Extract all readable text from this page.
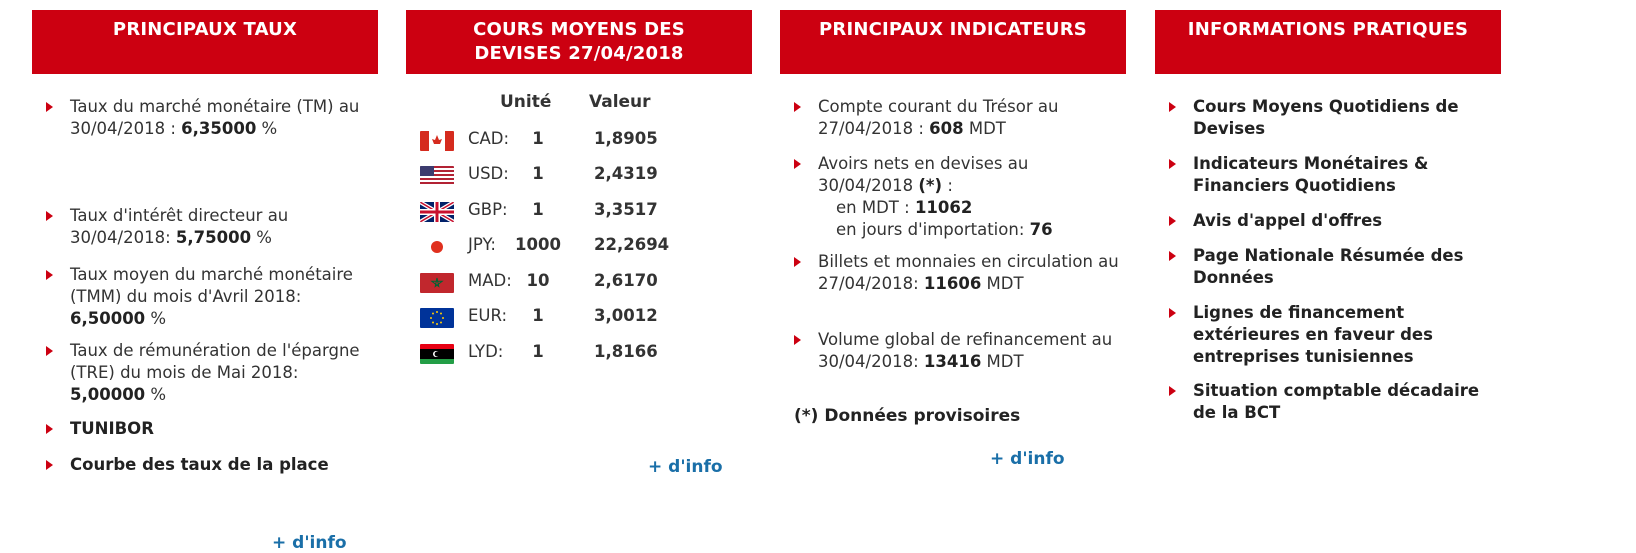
PRINCIPAUX TAUX
Taux du marché monétaire (TM) au 30/04/2018 : 6,35000 %
Taux d'intérêt directeur au 30/04/2018: 5,75000 %
Taux moyen du marché monétaire (TMM) du mois d'Avril 2018: 6,50000 %
Taux de rémunération de l'épargne (TRE) du mois de Mai 2018: 5,00000 %
TUNIBOR
Courbe des taux de la place
+ d'info
COURS MOYENS DES
DEVISES 27/04/2018
Unité Valeur
CAD:	1	1,8905
USD:	1	2,4319
GBP:	1	3,3517
JPY:	1000	22,2694
MAD: 10	2,6170
EUR:	1	3,0012
LYD:	1	1,8166
+ d'info
PRINCIPAUX INDICATEURS
Compte courant du Trésor au 27/04/2018 : 608 MDT
Avoirs nets en devises au 30/04/2018 (*) :
en MDT : 11062
en jours d'importation: 76
Billets et monnaies en circulation au 27/04/2018: 11606 MDT
Volume global de refinancement au 30/04/2018: 13416 MDT
(*) Données provisoires
+ d'info
INFORMATIONS PRATIQUES
Cours Moyens Quotidiens de Devises
Indicateurs Monétaires & Financiers Quotidiens
Avis d'appel d'offres
Page Nationale Résumée des Données
Lignes de financement extérieures en faveur des entreprises tunisiennes
Situation comptable décadaire de la BCT
